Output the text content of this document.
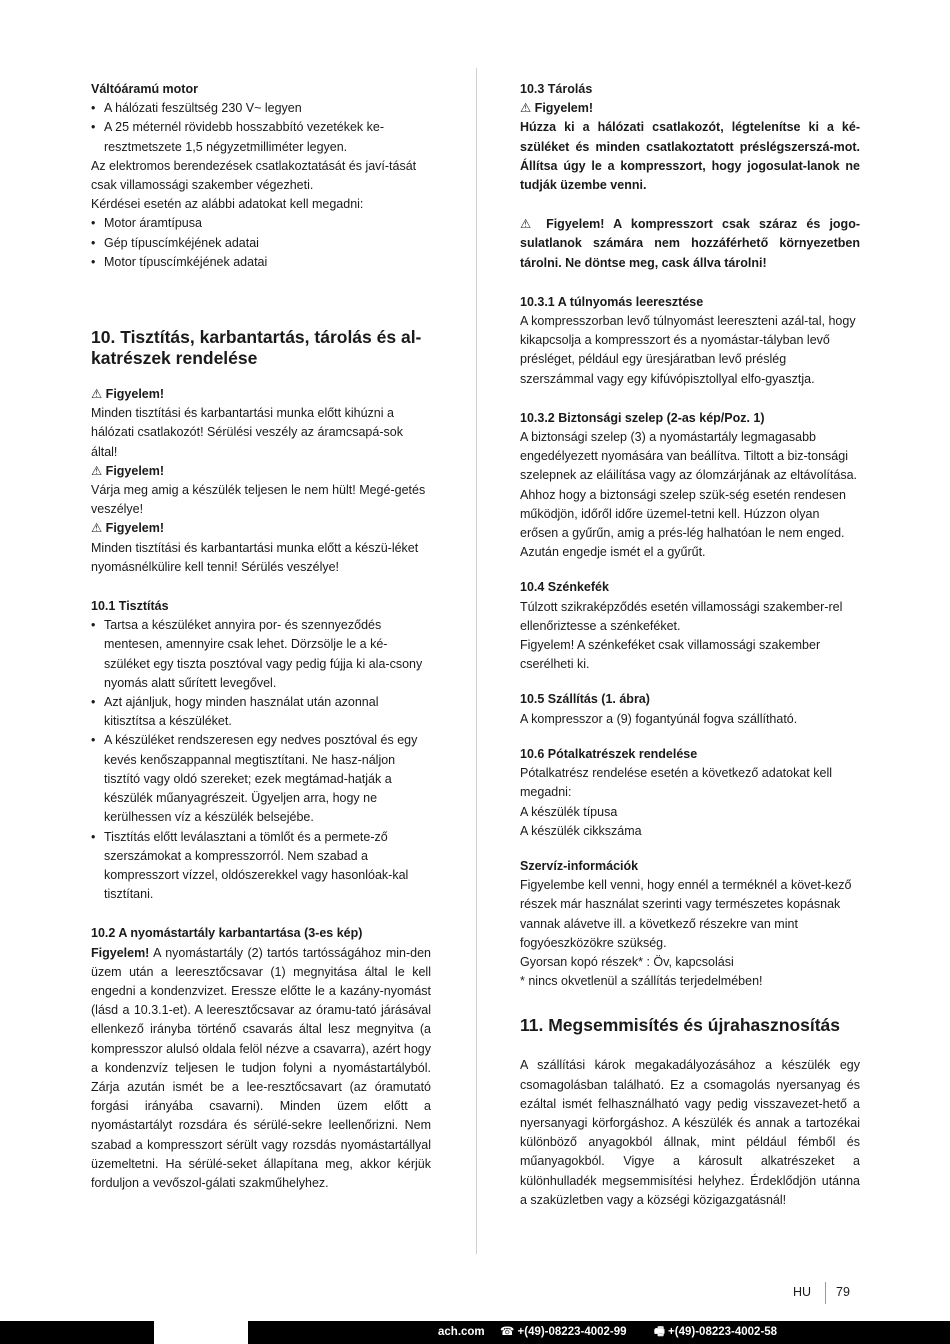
Váltóáramú motor

• A hálózati feszültség 230 V~ legyen
• A 25 méternél rövidebb hosszabbító vezetékek ke-resztmetszete 1,5 négyzetmilliméter legyen.

Az elektromos berendezések csatlakoztatását és javí-tását csak villamossági szakember végezheti.

Kérdései esetén az alábbi adatokat kell megadni:

• Motor áramtípusa
• Gép típuscímkéjének adatai
• Motor típuscímkéjének adatai

10. Tisztítás, karbantartás, tárolás és al-katrészek rendelése

⚠ Figyelem!

Minden tisztítási és karbantartási munka előtt kihúzni a hálózati csatlakozót! Sérülési veszély az áramcsapá-sok által!

⚠ Figyelem!

Várja meg amig a készülék teljesen le nem hült! Megé-getés veszélye!

⚠ Figyelem!

Minden tisztítási és karbantartási munka előtt a készü-léket nyomásnélkülire kell tenni! Sérülés veszélye!

10.1 Tisztítás

• Tartsa a készüléket annyira por- és szennyeződés mentesen, amennyire csak lehet. Dörzsölje le a ké-szüléket egy tiszta posztóval vagy pedig fújja ki ala-csony nyomás alatt sűrített levegővel.
• Azt ajánljuk, hogy minden használat után azonnal kitisztítsa a készüléket.
• A készüléket rendszeresen egy nedves posztóval és egy kevés kenőszappannal megtisztítani. Ne hasz-náljon tisztító vagy oldó szereket; ezek megtámad-hatják a készülék műanyagrészeit. Ügyeljen arra, hogy ne kerülhessen víz a készülék belsejébe.
• Tisztítás előtt leválasztani a tömlőt és a permete-ző szerszámokat a kompresszorról. Nem szabad a kompresszort vízzel, oldószerekkel vagy hasonlóak-kal tisztítani.

10.2 A nyomástartály karbantartása (3-es kép)

Figyelem! A nyomástartály (2) tartós tartósságához min-den üzem után a leeresztőcsavar (1) megnyitása által le kell engedni a kondenzvizet. Eressze előtte le a kazány-nyomást (lásd a 10.3.1-et). A leeresztőcsavar az óramu-tató járásával ellenkező irányba történő csavarás által lesz megnyitva (a kompresszor alulsó oldala felöl nézve a csavarra), azért hogy a kondenzvíz teljesen le tudjon folyni a nyomástartályból. Zárja azután ismét be a lee-resztőcsavart (az óramutató forgási irányába csavarni). Minden üzem előtt a nyomástartályt rozsdára és sérülé-sekre leellenőrizni. Nem szabad a kompresszort sérült vagy rozsdás nyomástartállyal üzemeltetni. Ha sérülé-seket állapítana meg, akkor kérjük forduljon a vevőszol-gálati szakműhelyhez.

10.3 Tárolás

⚠ Figyelem!

Húzza ki a hálózati csatlakozót, légtelenítse ki a ké-szüléket és minden csatlakoztatott préslégszerszá-mot. Állítsa úgy le a kompresszort, hogy jogosulat-lanok ne tudják üzembe venni.

⚠ Figyelem! A kompresszort csak száraz és jogo-sulatlanok számára nem hozzáférhető környezetben tárolni. Ne döntse meg, cask állva tárolni!

10.3.1 A túlnyomás leeresztése

A kompresszorban levő túlnyomást leereszteni azál-tal, hogy kikapcsolja a kompresszort és a nyomástar-tályban levő présléget, például egy üresjáratban levő préslég szerszámmal vagy egy kifúvópisztollyal elfo-gyasztja.

10.3.2 Biztonsági szelep (2-as kép/Poz. 1)

A biztonsági szelep (3) a nyomástartály legmagasabb engedélyezett nyomására van beállítva. Tiltott a biz-tonsági szelepnek az eláilítása vagy az ólomzárjának az eltávolítása. Ahhoz hogy a biztonsági szelep szük-ség esetén rendesen működjön, időről időre üzemel-tetni kell. Húzzon olyan erősen a gyűrűn, amig a prés-lég halhatóan le nem enged. Azután engedje ismét el a gyűrűt.

10.4 Szénkefék

Túlzott szikraképződés esetén villamossági szakember-rel ellenőriztesse a szénkeféket.

Figyelem! A szénkeféket csak villamossági szakember cserélheti ki.

10.5 Szállítás (1. ábra)

A kompresszor a (9) fogantyúnál fogva szállítható.

10.6 Pótalkatrészek rendelése

Pótalkatrész rendelése esetén a következő adatokat kell megadni:

A készülék típusa

A készülék cikkszáma

Szervíz-információk

Figyelembe kell venni, hogy ennél a terméknél a követ-kező részek már használat szerinti vagy természetes kopásnak vannak alávetve ill. a következő részekre van mint fogyóeszközökre szükség.

Gyorsan kopó részek* : Öv, kapcsolási

* nincs okvetlenül a szállítás terjedelmében!

11. Megsemmisítés és újrahasznosítás

A szállítási károk megakadályozásához a készülék egy csomagolásban található. Ez a csomagolás nyersanyag és ezáltal ismét felhasználható vagy pedig visszavezet-hető a nyersanyagi körforgáshoz. A készülék és annak a tartozékai különböző anyagokból állnak, mint például fémből és műanyagokból. Vigye a károsult alkatrészeket a különhulladék megsemmisítési helyhez. Érdeklődjön utánna a szaküzletben vagy a községi közigazgatásnál!

HU 79
ach.com ☎ +(49)-08223-4002-99 🖷 +(49)-08223-4002-58
